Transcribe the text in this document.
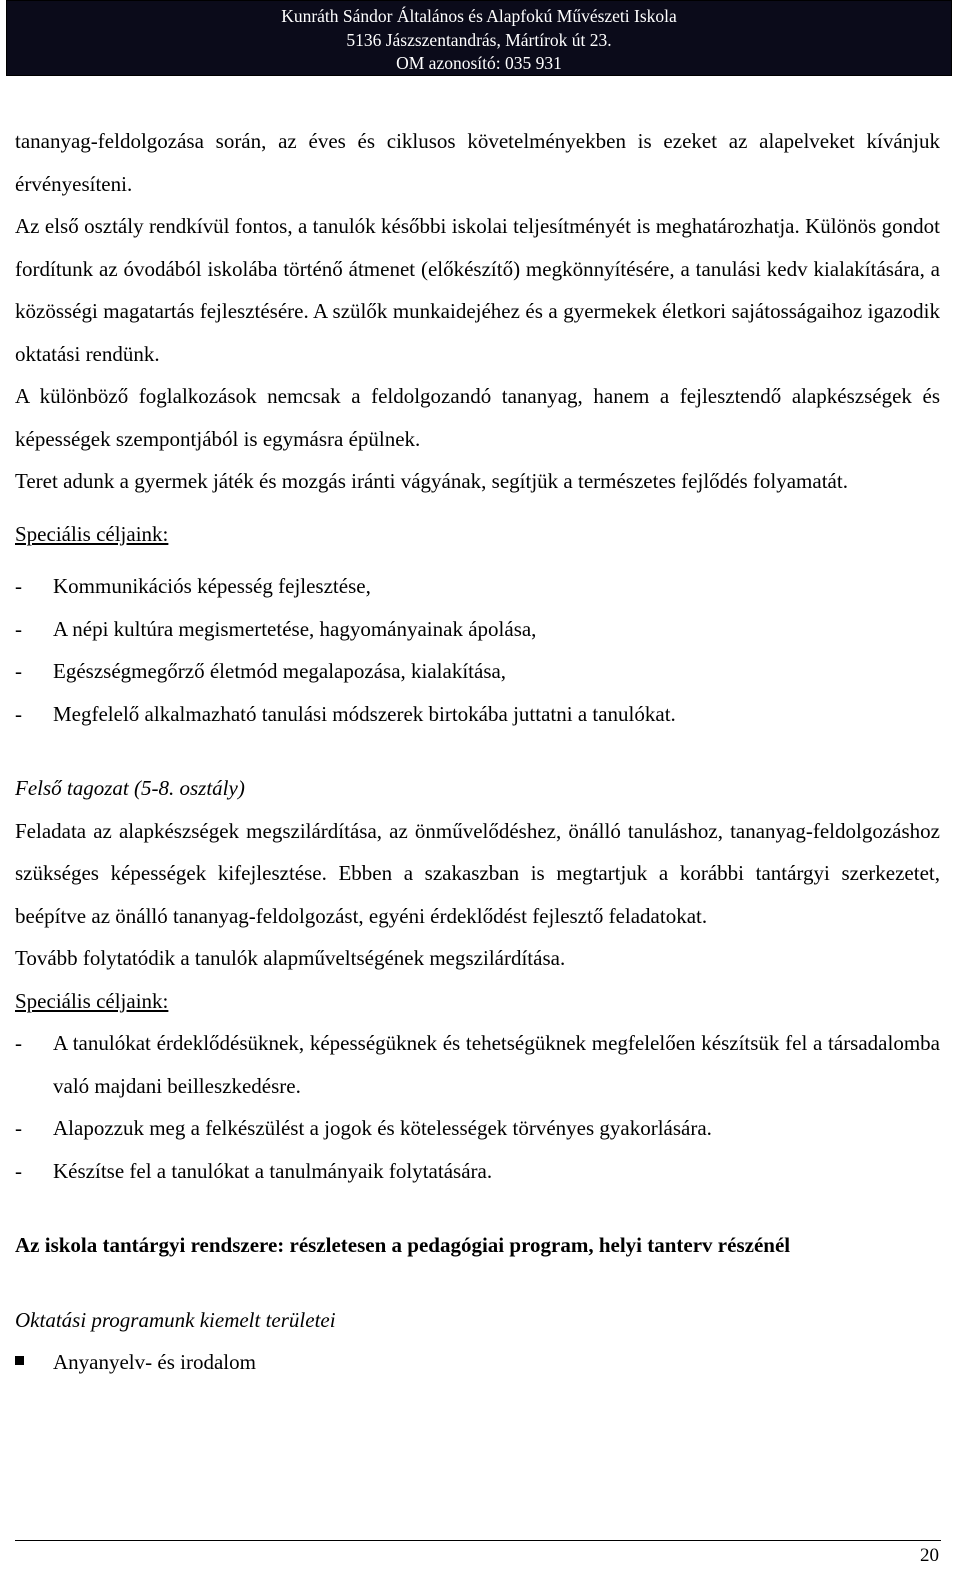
Kunráth Sándor Általános és Alapfokú Művészeti Iskola
5136 Jászszentandrás, Mártírok út 23.
OM azonosító: 035 931

tananyag-feldolgozása során, az éves és ciklusos követelményekben is ezeket az alapelveket kívánjuk érvényesíteni.

Az első osztály rendkívül fontos, a tanulók későbbi iskolai teljesítményét is meghatározhatja. Különös gondot fordítunk az óvodából iskolába történő átmenet (előkészítő) megkönnyítésére, a tanulási kedv kialakítására, a közösségi magatartás fejlesztésére. A szülők munkaidejéhez és a gyermekek életkori sajátosságaihoz igazodik oktatási rendünk.

A különböző foglalkozások nemcsak a feldolgozandó tananyag, hanem a fejlesztendő alapkészségek és képességek szempontjából is egymásra épülnek.

Teret adunk a gyermek játék és mozgás iránti vágyának, segítjük a természetes fejlődés folyamatát.

Speciális céljaink:

-	Kommunikációs képesség fejlesztése,
-	A népi kultúra megismertetése, hagyományainak ápolása,
-	Egészségmegőrző életmód megalapozása, kialakítása,
-	Megfelelő alkalmazható tanulási módszerek birtokába juttatni a tanulókat.

Felső tagozat (5-8. osztály)

Feladata az alapkészségek megszilárdítása, az önművelődéshez, önálló tanuláshoz, tananyag-feldolgozáshoz szükséges képességek kifejlesztése. Ebben a szakaszban is megtartjuk a korábbi tantárgyi szerkezetet, beépítve az önálló tananyag-feldolgozást, egyéni érdeklődést fejlesztő feladatokat.

Tovább folytatódik a tanulók alapműveltségének megszilárdítása.

Speciális céljaink:

-	A tanulókat érdeklődésüknek, képességüknek és tehetségüknek megfelelően készítsük fel a társadalomba való majdani beilleszkedésre.
-	Alapozzuk meg a felkészülést a jogok és kötelességek törvényes gyakorlására.
-	Készítse fel a tanulókat a tanulmányaik folytatására.

Az iskola tantárgyi rendszere: részletesen a pedagógiai program, helyi tanterv részénél

Oktatási programunk kiemelt területei

Anyanyelv- és irodalom
20
